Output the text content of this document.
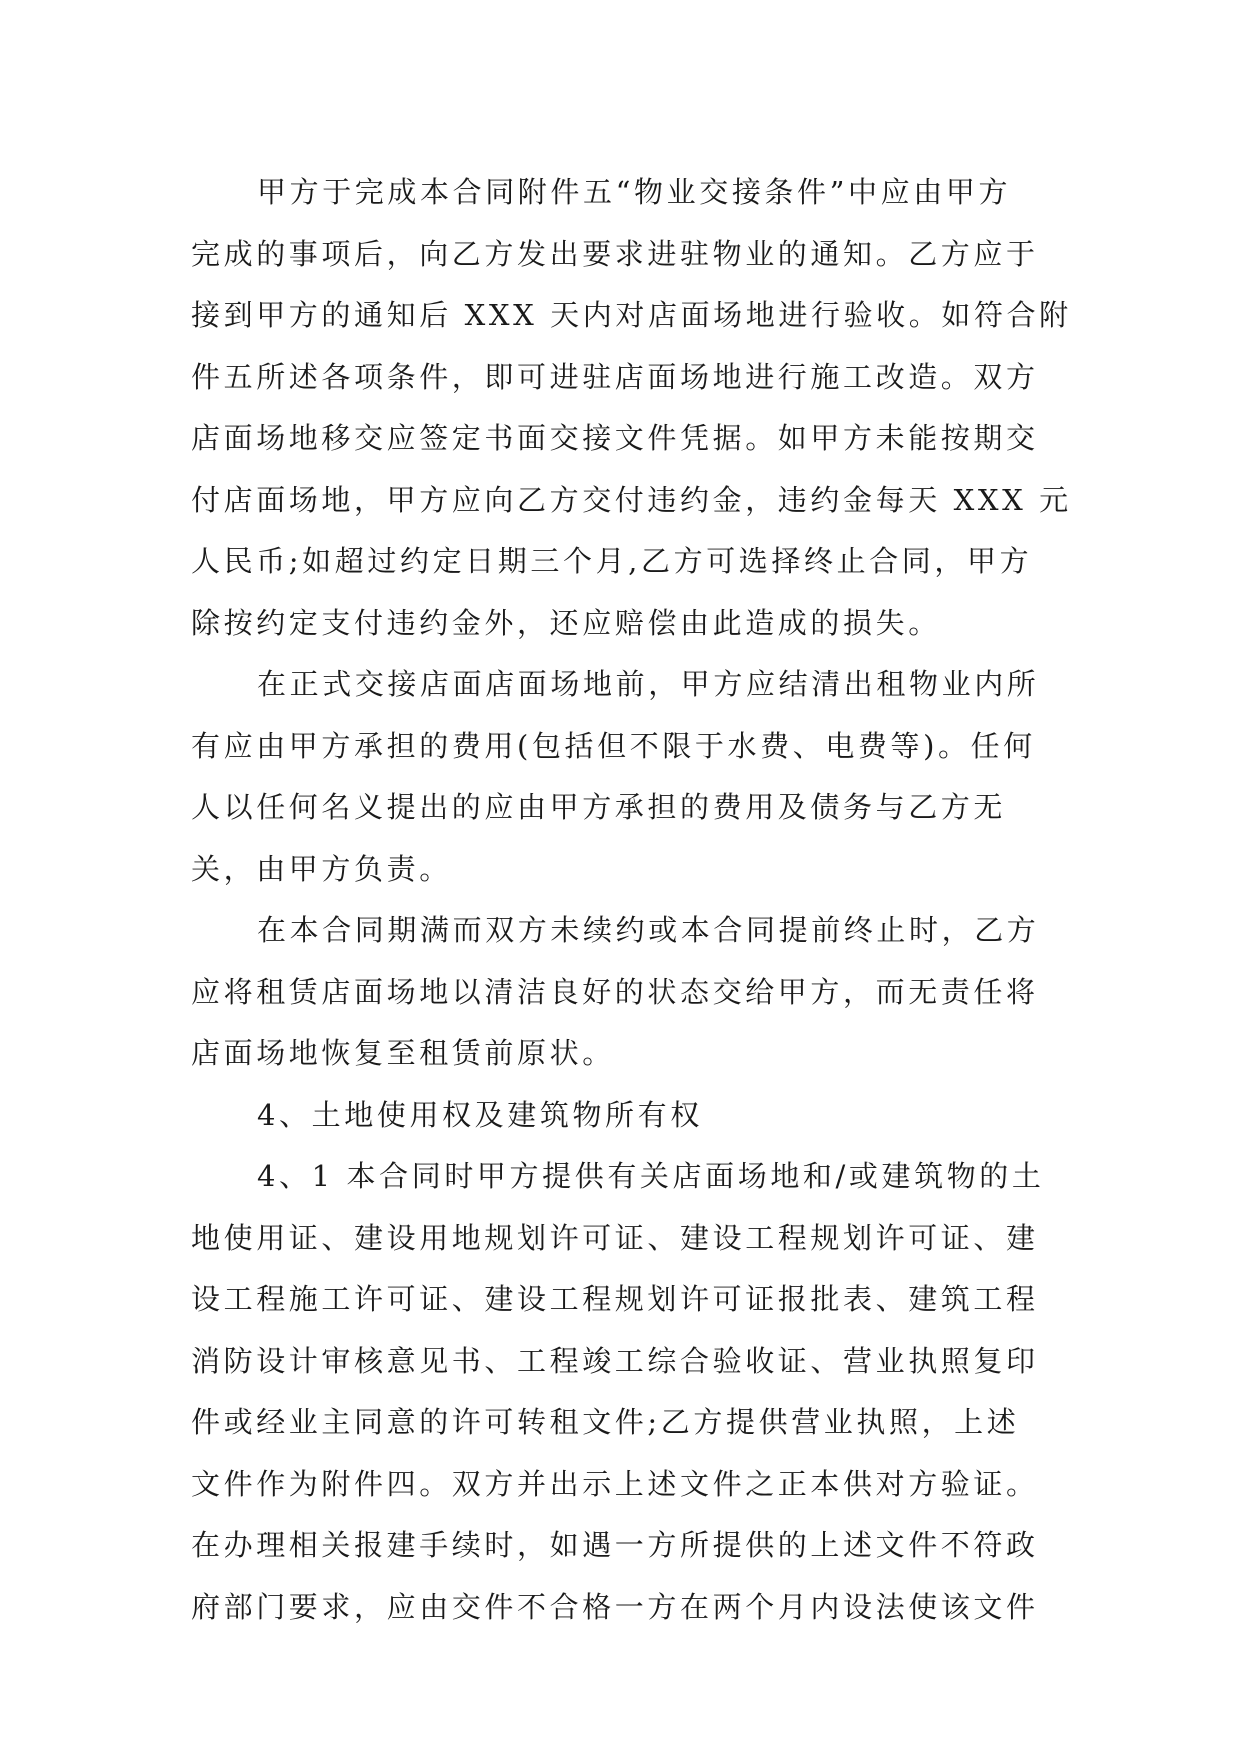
甲方于完成本合同附件五“物业交接条件”中应由甲方
完成的事项后，向乙方发出要求进驻物业的通知。乙方应于
接到甲方的通知后 XXX 天内对店面场地进行验收。如符合附
件五所述各项条件，即可进驻店面场地进行施工改造。双方
店面场地移交应签定书面交接文件凭据。如甲方未能按期交
付店面场地，甲方应向乙方交付违约金，违约金每天 XXX 元
人民币;如超过约定日期三个月,乙方可选择终止合同，甲方
除按约定支付违约金外，还应赔偿由此造成的损失。
在正式交接店面店面场地前，甲方应结清出租物业内所
有应由甲方承担的费用(包括但不限于水费、电费等)。任何
人以任何名义提出的应由甲方承担的费用及债务与乙方无
关，由甲方负责。
在本合同期满而双方未续约或本合同提前终止时，乙方
应将租赁店面场地以清洁良好的状态交给甲方，而无责任将
店面场地恢复至租赁前原状。
4、土地使用权及建筑物所有权
4、1 本合同时甲方提供有关店面场地和/或建筑物的土
地使用证、建设用地规划许可证、建设工程规划许可证、建
设工程施工许可证、建设工程规划许可证报批表、建筑工程
消防设计审核意见书、工程竣工综合验收证、营业执照复印
件或经业主同意的许可转租文件;乙方提供营业执照，上述
文件作为附件四。双方并出示上述文件之正本供对方验证。
在办理相关报建手续时，如遇一方所提供的上述文件不符政
府部门要求，应由交件不合格一方在两个月内设法使该文件
